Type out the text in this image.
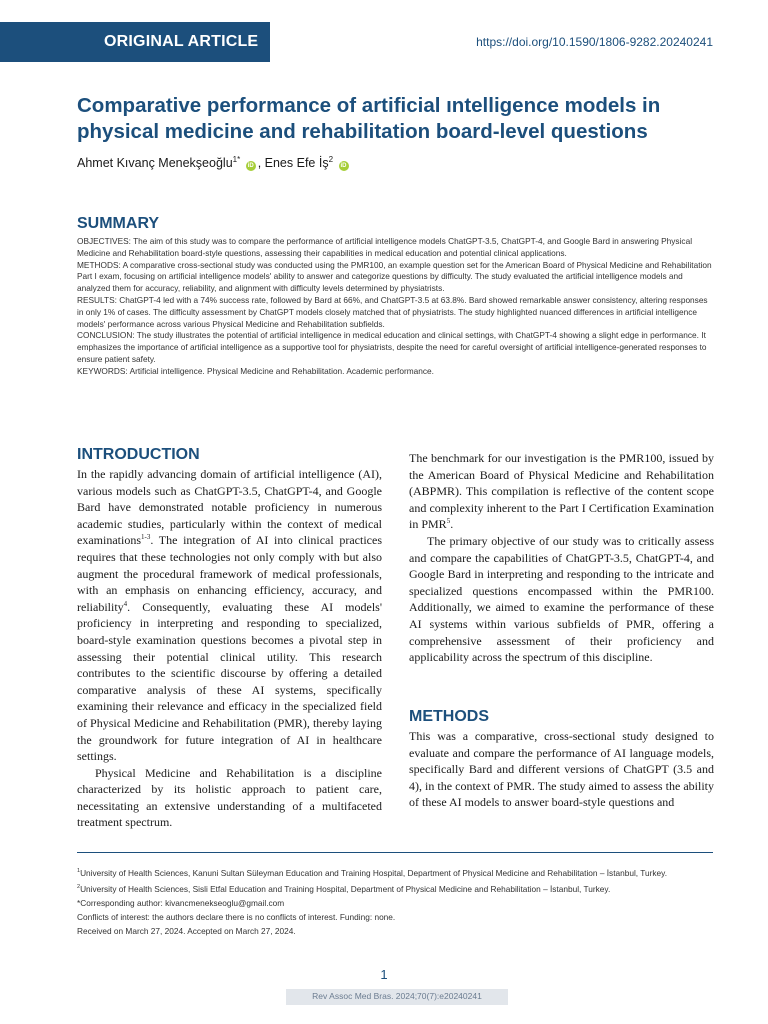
ORIGINAL ARTICLE	https://doi.org/10.1590/1806-9282.20240241
Comparative performance of artificial ıntelligence models in physical medicine and rehabilitation board-level questions
Ahmet Kıvanç Menekşeoğlu$^{1*}$ iD , Enes Efe $İş^2$ iD
SUMMARY

OBJECTIVES: The aim of this study was to compare the performance of artificial intelligence models ChatGPT-3.5, ChatGPT-4, and Google Bard in answering Physical Medicine and Rehabilitation board-style questions, assessing their capabilities in medical education and potential clinical applications.

METHODS: A comparative cross-sectional study was conducted using the PMR100, an example question set for the American Board of Physical Medicine and Rehabilitation Part I exam, focusing on artificial intelligence models' ability to answer and categorize questions by difficulty. The study evaluated the artificial intelligence models and analyzed them for accuracy, reliability, and alignment with difficulty levels determined by physiatrists.

RESULTS: ChatGPT-4 led with a 74% success rate, followed by Bard at 66%, and ChatGPT-3.5 at 63.8%. Bard showed remarkable answer consistency, altering responses in only 1% of cases. The difficulty assessment by ChatGPT models closely matched that of physiatrists. The study highlighted nuanced differences in artificial intelligence models' performance across various Physical Medicine and Rehabilitation subfields.

CONCLUSION: The study illustrates the potential of artificial intelligence in medical education and clinical settings, with ChatGPT-4 showing a slight edge in performance. It emphasizes the importance of artificial intelligence as a supportive tool for physiatrists, despite the need for careful oversight of artificial intelligence-generated responses to ensure patient safety.

KEYWORDS: Artificial intelligence. Physical Medicine and Rehabilitation. Academic performance.

INTRODUCTION

In the rapidly advancing domain of artificial intelligence (AI), various models such as ChatGPT-3.5, ChatGPT-4, and Google Bard have demonstrated notable proficiency in numerous academic studies, particularly within the context of medical examinations$^{1-3}$. The integration of AI into clinical practices requires that these technologies not only comply with but also augment the procedural framework of medical professionals, with an emphasis on enhancing efficiency, accuracy, and reliability$^4$. Consequently, evaluating these AI models' proficiency in interpreting and responding to specialized, board-style examination questions becomes a pivotal step in assessing their potential clinical utility. This research contributes to the scientific discourse by offering a detailed comparative analysis of these AI systems, specifically examining their relevance and efficacy in the specialized field of Physical Medicine and Rehabilitation (PMR), thereby laying the groundwork for future integration of AI in healthcare settings.

Physical Medicine and Rehabilitation is a discipline characterized by its holistic approach to patient care, necessitating an extensive understanding of a multifaceted treatment spectrum.

The benchmark for our investigation is the PMR100, issued by the American Board of Physical Medicine and Rehabilitation (ABPMR). This compilation is reflective of the content scope and complexity inherent to the Part I Certification Examination in PMR$^5$.

The primary objective of our study was to critically assess and compare the capabilities of ChatGPT-3.5, ChatGPT-4, and Google Bard in interpreting and responding to the intricate and specialized questions encompassed within the PMR100. Additionally, we aimed to examine the performance of these AI systems within various subfields of PMR, offering a comprehensive assessment of their proficiency and applicability across the spectrum of this discipline.

METHODS

This was a comparative, cross-sectional study designed to evaluate and compare the performance of AI language models, specifically Bard and different versions of ChatGPT (3.5 and 4), in the context of PMR. The study aimed to assess the ability of these AI models to answer board-style questions and

$^1$University of Health Sciences, Kanuni Sultan Süleyman Education and Training Hospital, Department of Physical Medicine and Rehabilitation – İstanbul, Turkey.

$^2$University of Health Sciences, Sisli Etfal Education and Training Hospital, Department of Physical Medicine and Rehabilitation – İstanbul, Turkey.

*Corresponding author: kivancmenekseoglu@gmail.com

Conflicts of interest: the authors declare there is no conflicts of interest. Funding: none.

Received on March 27, 2024. Accepted on March 27, 2024.

1
Rev Assoc Med Bras. 2024;70(7):e20240241
